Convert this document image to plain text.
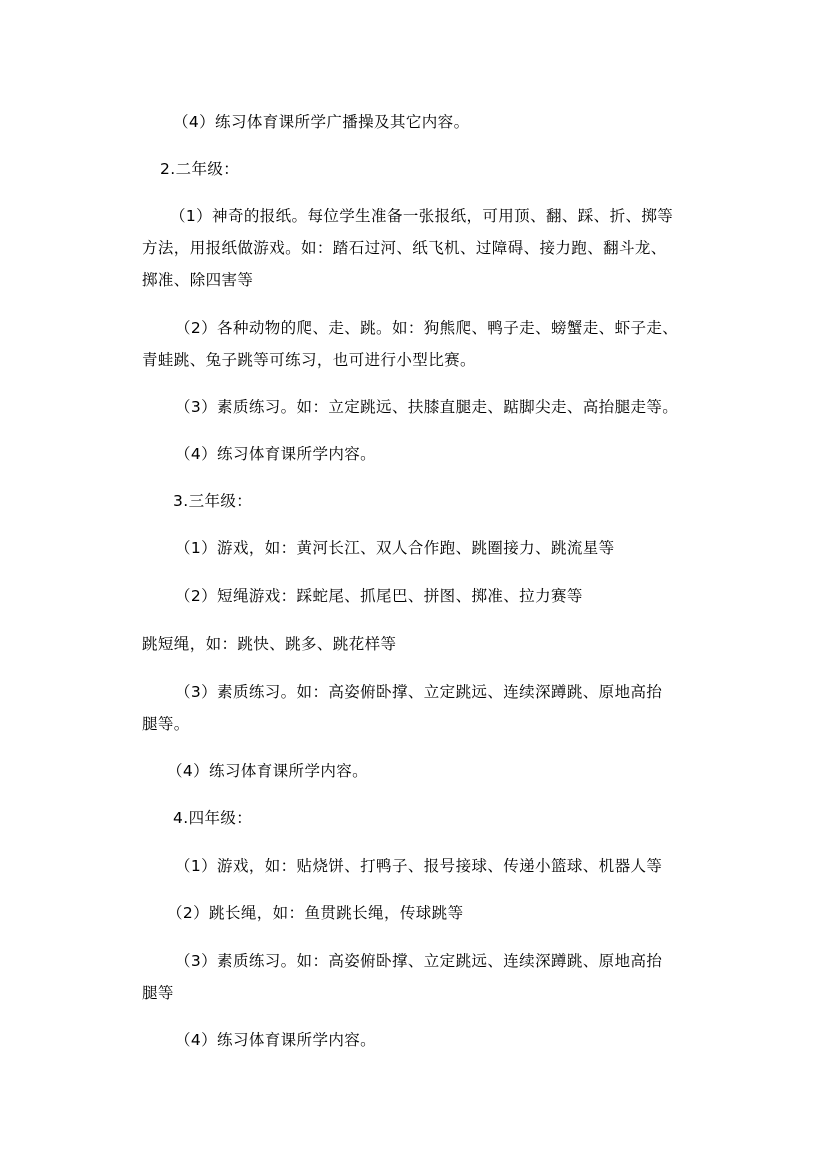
（4）练习体育课所学广播操及其它内容。
2.二年级：
（1）神奇的报纸。每位学生准备一张报纸，可用顶、翻、踩、折、掷等
方法，用报纸做游戏。如：踏石过河、纸飞机、过障碍、接力跑、翻斗龙、
掷准、除四害等
（2）各种动物的爬、走、跳。如：狗熊爬、鸭子走、螃蟹走、虾子走、
青蛙跳、兔子跳等可练习，也可进行小型比赛。
（3）素质练习。如：立定跳远、扶膝直腿走、踮脚尖走、高抬腿走等。
（4）练习体育课所学内容。
3.三年级：
（1）游戏，如：黄河长江、双人合作跑、跳圈接力、跳流星等
（2）短绳游戏：踩蛇尾、抓尾巴、拼图、掷准、拉力赛等
跳短绳，如：跳快、跳多、跳花样等
（3）素质练习。如：高姿俯卧撑、立定跳远、连续深蹲跳、原地高抬
腿等。
（4）练习体育课所学内容。
4.四年级：
（1）游戏，如：贴烧饼、打鸭子、报号接球、传递小篮球、机器人等
（2）跳长绳，如：鱼贯跳长绳，传球跳等
（3）素质练习。如：高姿俯卧撑、立定跳远、连续深蹲跳、原地高抬
腿等
（4）练习体育课所学内容。
